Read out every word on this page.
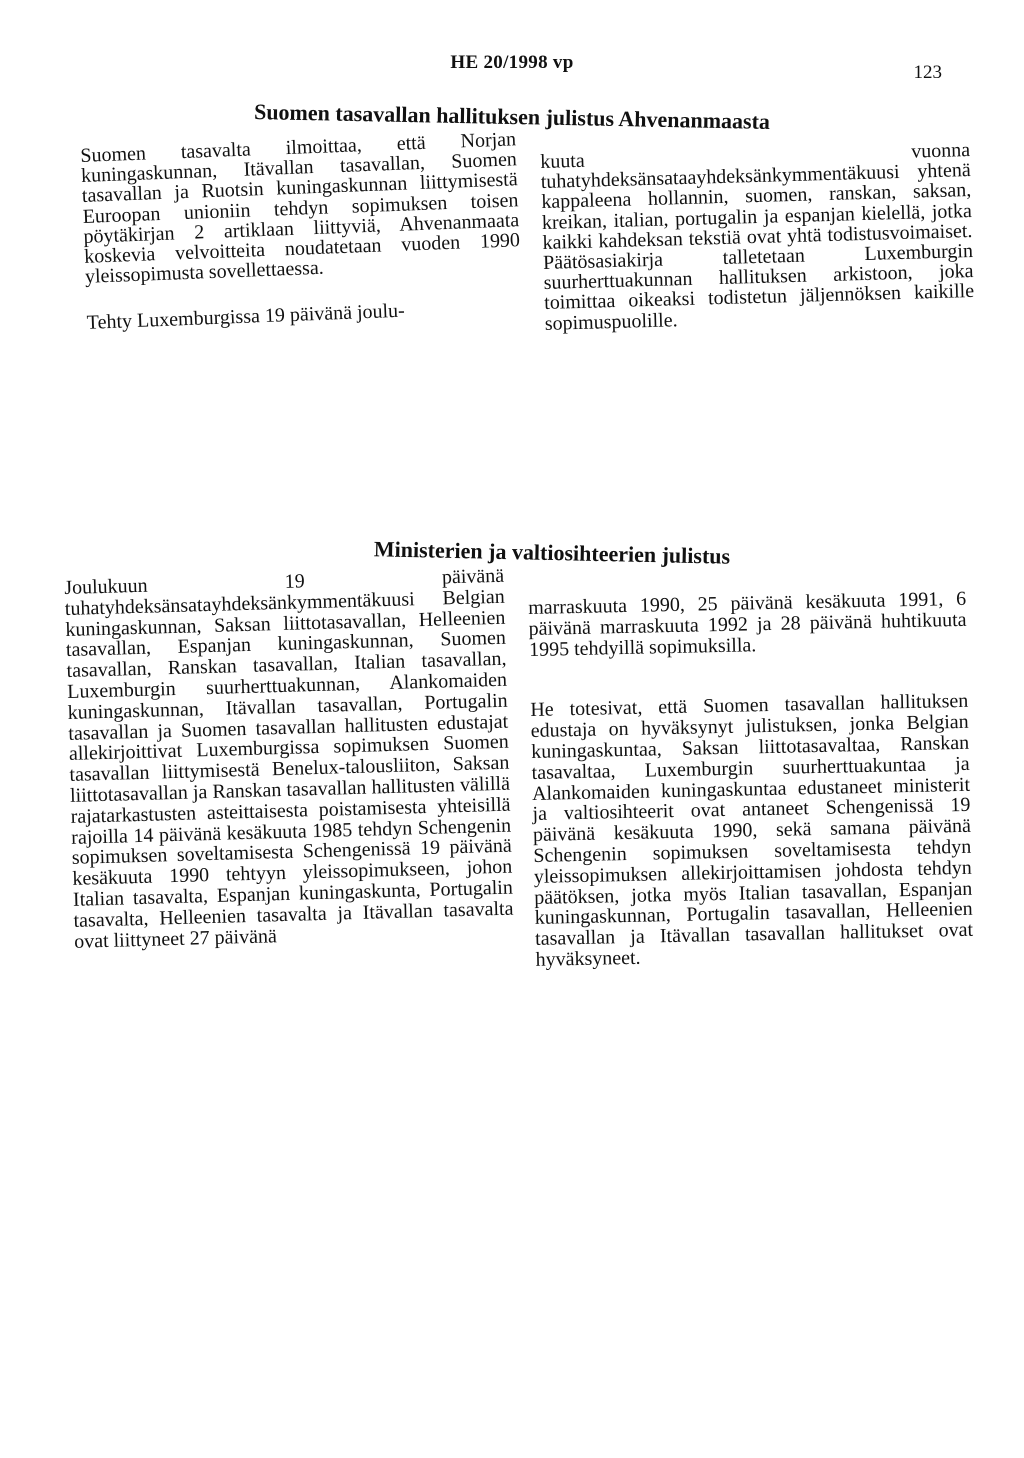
HE 20/1998 vp	123
Suomen tasavallan hallituksen julistus Ahvenanmaasta

Suomen tasavalta ilmoittaa, että Norjan kuningaskunnan, Itävallan tasavallan, Suomen tasavallan ja Ruotsin kuningaskunnan liittymisestä Euroopan unioniin tehdyn sopimuksen toisen pöytäkirjan 2 artiklaan liittyviä, Ahvenanmaata koskevia velvoitteita noudatetaan vuoden 1990 yleissopimusta sovellettaessa.

Tehty Luxemburgissa 19 päivänä joulu-

kuuta vuonna tuhatyhdeksänsataayhdeksänkymmentäkuusi yhtenä kappaleena hollannin, suomen, ranskan, saksan, kreikan, italian, portugalin ja espanjan kielellä, jotka kaikki kahdeksan tekstiä ovat yhtä todistusvoimaiset. Päätösasiakirja talletetaan Luxemburgin suurherttuakunnan hallituksen arkistoon, joka toimittaa oikeaksi todistetun jäljennöksen kaikille sopimuspuolille.

Ministerien ja valtiosihteerien julistus

Joulukuun 19 päivänä tuhatyhdeksänsatayhdeksänkymmentäkuusi Belgian kuningaskunnan, Saksan liittotasavallan, Helleenien tasavallan, Espanjan kuningaskunnan, Suomen tasavallan, Ranskan tasavallan, Italian tasavallan, Luxemburgin suurherttuakunnan, Alankomaiden kuningaskunnan, Itävallan tasavallan, Portugalin tasavallan ja Suomen tasavallan hallitusten edustajat allekirjoittivat Luxemburgissa sopimuksen Suomen tasavallan liittymisestä Benelux-talousliiton, Saksan liittotasavallan ja Ranskan tasavallan hallitusten välillä rajatarkastusten asteittaisesta poistamisesta yhteisillä rajoilla 14 päivänä kesäkuuta 1985 tehdyn Schengenin sopimuksen soveltamisesta Schengenissä 19 päivänä kesäkuuta 1990 tehtyyn yleissopimukseen, johon Italian tasavalta, Espanjan kuningaskunta, Portugalin tasavalta, Helleenien tasavalta ja Itävallan tasavalta ovat liittyneet 27 päivänä

marraskuuta 1990, 25 päivänä kesäkuuta 1991, 6 päivänä marraskuuta 1992 ja 28 päivänä huhtikuuta 1995 tehdyillä sopimuksilla.

He totesivat, että Suomen tasavallan hallituksen edustaja on hyväksynyt julistuksen, jonka Belgian kuningaskuntaa, Saksan liittotasavaltaa, Ranskan tasavaltaa, Luxemburgin suurherttuakuntaa ja Alankomaiden kuningaskuntaa edustaneet ministerit ja valtiosihteerit ovat antaneet Schengenissä 19 päivänä kesäkuuta 1990, sekä samana päivänä Schengenin sopimuksen soveltamisesta tehdyn yleissopimuksen allekirjoittamisen johdosta tehdyn päätöksen, jotka myös Italian tasavallan, Espanjan kuningaskunnan, Portugalin tasavallan, Helleenien tasavallan ja Itävallan tasavallan hallitukset ovat hyväksyneet.
